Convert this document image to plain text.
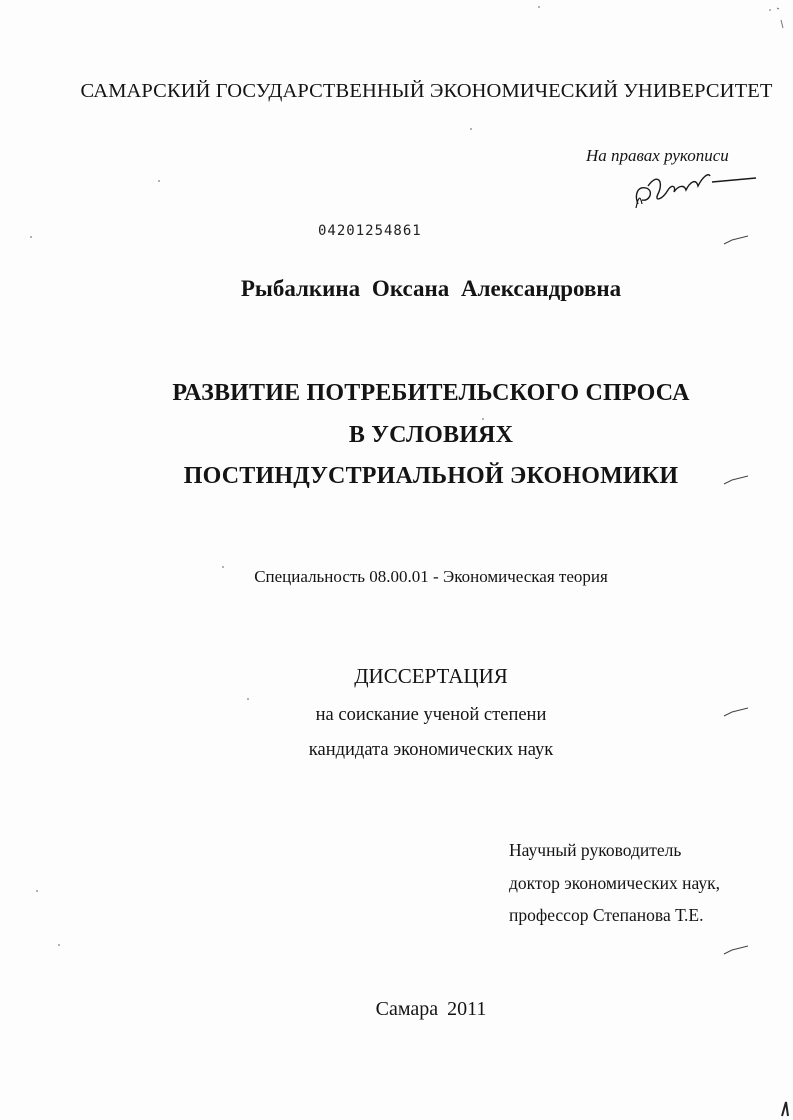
САМАРСКИЙ ГОСУДАРСТВЕННЫЙ ЭКОНОМИЧЕСКИЙ УНИВЕРСИТЕТ
На правах рукописи
04201254861
Рыбалкина Оксана Александровна
РАЗВИТИЕ ПОТРЕБИТЕЛЬСКОГО СПРОСА
В УСЛОВИЯХ
ПОСТИНДУСТРИАЛЬНОЙ ЭКОНОМИКИ
Специальность 08.00.01 - Экономическая теория
ДИССЕРТАЦИЯ
на соискание ученой степени
кандидата экономических наук
Научный руководитель
доктор экономических наук,
профессор Степанова Т.Е.
Самара 2011
